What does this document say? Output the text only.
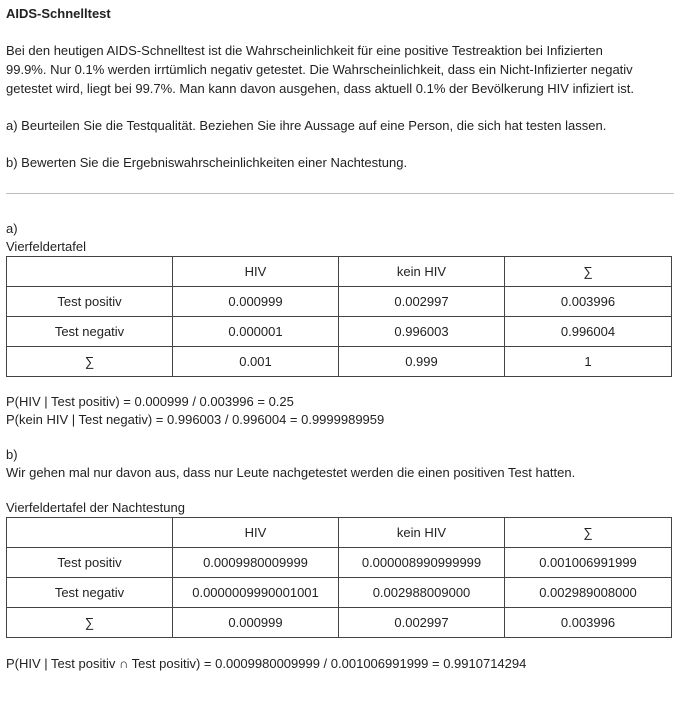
AIDS-Schnelltest

Bei den heutigen AIDS-Schnelltest ist die Wahrscheinlichkeit für eine positive Testreaktion bei Infizierten

99.9%. Nur 0.1% werden irrtümlich negativ getestet. Die Wahrscheinlichkeit, dass ein Nicht-Infizierter negativ

getestet wird, liegt bei 99.7%. Man kann davon ausgehen, dass aktuell 0.1% der Bevölkerung HIV infiziert ist.

a) Beurteilen Sie die Testqualität. Beziehen Sie ihre Aussage auf eine Person, die sich hat testen lassen.

b) Bewerten Sie die Ergebniswahrscheinlichkeiten einer Nachtestung.

a)

Vierfeldertafel

	HIV	kein HIV	∑
Test positiv	0.000999	0.002997	0.003996
Test negativ	0.000001	0.996003	0.996004
∑	0.001	0.999	1

P(HIV | Test positiv) = 0.000999 / 0.003996 = 0.25

P(kein HIV | Test negativ) = 0.996003 / 0.996004 = 0.9999989959

b)

Wir gehen mal nur davon aus, dass nur Leute nachgetestet werden die einen positiven Test hatten.

Vierfeldertafel der Nachtestung

	HIV	kein HIV	∑
Test positiv	0.0009980009999	0.000008990999999	0.001006991999
Test negativ	0.0000009990001001	0.002988009000	0.002989008000
∑	0.000999	0.002997	0.003996

P(HIV | Test positiv ∩ Test positiv) = 0.0009980009999 / 0.001006991999 = 0.9910714294
